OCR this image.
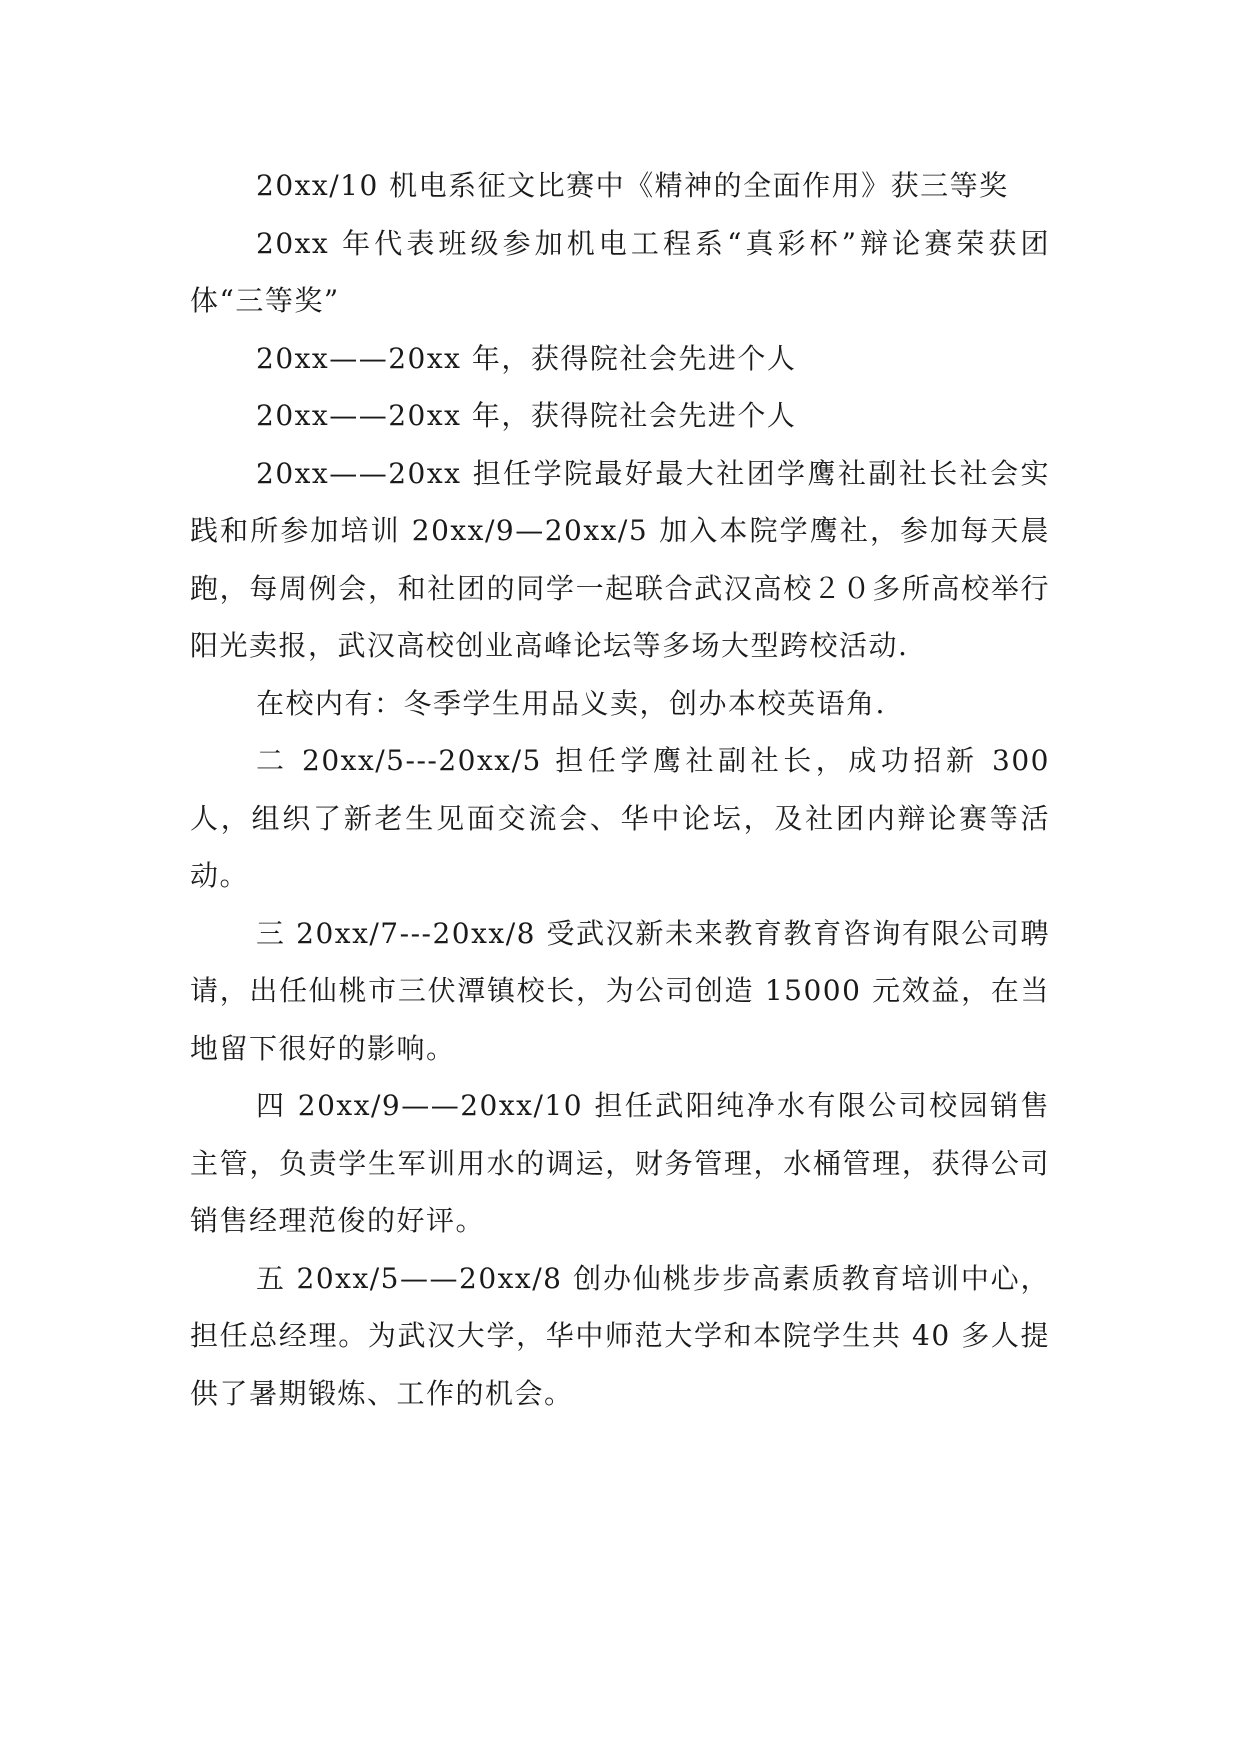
20xx/10 机电系征文比赛中《精神的全面作用》获三等奖

20xx 年代表班级参加机电工程系“真彩杯”辩论赛荣获团体“三等奖”

20xx——20xx 年，获得院社会先进个人

20xx——20xx 年，获得院社会先进个人

20xx——20xx 担任学院最好最大社团学鹰社副社长社会实践和所参加培训 20xx/9—20xx/5 加入本院学鹰社，参加每天晨跑，每周例会，和社团的同学一起联合武汉高校２０多所高校举行阳光卖报，武汉高校创业高峰论坛等多场大型跨校活动.

在校内有：冬季学生用品义卖，创办本校英语角.

二 20xx/5---20xx/5 担任学鹰社副社长，成功招新 300 人，组织了新老生见面交流会、华中论坛，及社团内辩论赛等活动。

三 20xx/7---20xx/8 受武汉新未来教育教育咨询有限公司聘请，出任仙桃市三伏潭镇校长，为公司创造 15000 元效益，在当地留下很好的影响。

四 20xx/9——20xx/10 担任武阳纯净水有限公司校园销售主管，负责学生军训用水的调运，财务管理，水桶管理，获得公司销售经理范俊的好评。

五 20xx/5——20xx/8 创办仙桃步步高素质教育培训中心，担任总经理。为武汉大学，华中师范大学和本院学生共 40 多人提供了暑期锻炼、工作的机会。
